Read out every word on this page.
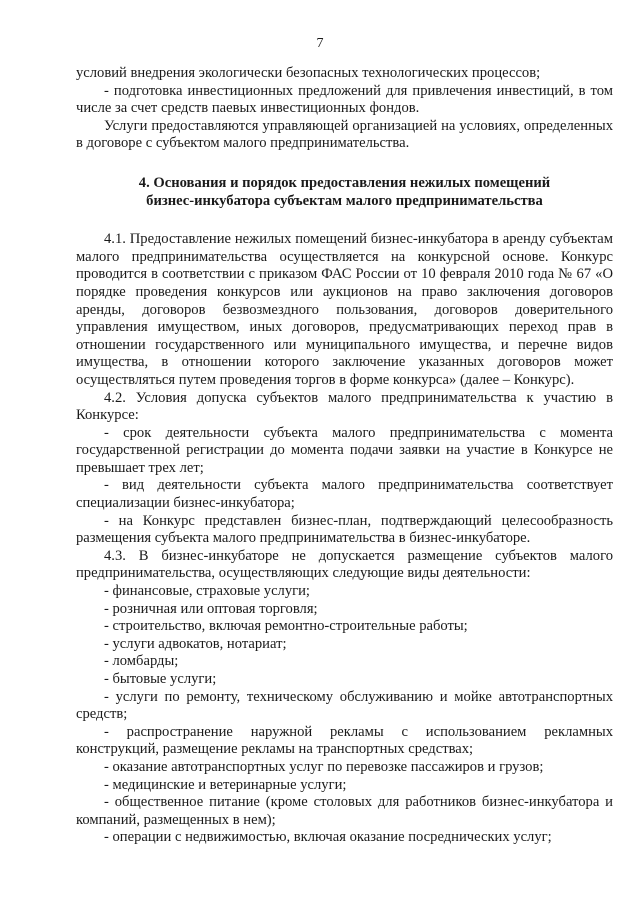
7

условий внедрения экологически безопасных технологических процессов;

- подготовка инвестиционных предложений для привлечения инвестиций, в том числе за счет средств паевых инвестиционных фондов.

Услуги предоставляются управляющей организацией на условиях, определенных в договоре с субъектом малого предпринимательства.

4. Основания и порядок предоставления нежилых помещений
бизнес-инкубатора субъектам малого предпринимательства

4.1. Предоставление нежилых помещений бизнес-инкубатора в аренду субъектам малого предпринимательства осуществляется на конкурсной основе. Конкурс проводится в соответствии с приказом ФАС России от 10 февраля 2010 года № 67 «О порядке проведения конкурсов или аукционов на право заключения договоров аренды, договоров безвозмездного пользования, договоров доверительного управления имуществом, иных договоров, предусматривающих переход прав в отношении государственного или муниципального имущества, и перечне видов имущества, в отношении которого заключение указанных договоров может осуществляться путем проведения торгов в форме конкурса» (далее – Конкурс).

4.2. Условия допуска субъектов малого предпринимательства к участию в Конкурсе:

- срок деятельности субъекта малого предпринимательства с момента государственной регистрации до момента подачи заявки на участие в Конкурсе не превышает трех лет;

- вид деятельности субъекта малого предпринимательства соответствует специализации бизнес-инкубатора;

- на Конкурс представлен бизнес-план, подтверждающий целесообразность размещения субъекта малого предпринимательства в бизнес-инкубаторе.

4.3. В бизнес-инкубаторе не допускается размещение субъектов малого предпринимательства, осуществляющих следующие виды деятельности:

- финансовые, страховые услуги;

- розничная или оптовая торговля;

- строительство, включая ремонтно-строительные работы;

- услуги адвокатов, нотариат;

- ломбарды;

- бытовые услуги;

- услуги по ремонту, техническому обслуживанию и мойке автотранспортных средств;

- распространение наружной рекламы с использованием рекламных конструкций, размещение рекламы на транспортных средствах;

- оказание автотранспортных услуг по перевозке пассажиров и грузов;

- медицинские и ветеринарные услуги;

- общественное питание (кроме столовых для работников бизнес-инкубатора и компаний, размещенных в нем);

- операции с недвижимостью, включая оказание посреднических услуг;
